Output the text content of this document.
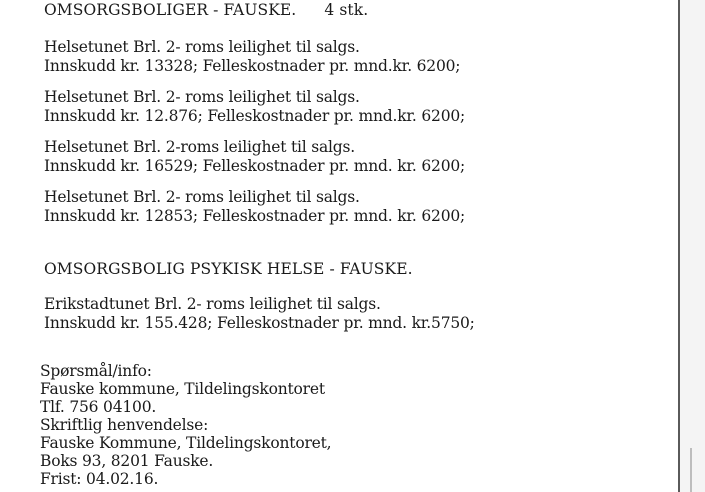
OMSORGSBOLIGER - FAUSKE. 4 stk.
Helsetunet Brl. 2- roms leilighet til salgs.
Innskudd kr. 13328; Felleskostnader pr. mnd.kr. 6200;
Helsetunet Brl. 2- roms leilighet til salgs.
Innskudd kr. 12.876; Felleskostnader pr. mnd.kr. 6200;
Helsetunet Brl. 2-roms leilighet til salgs.
Innskudd kr. 16529; Felleskostnader pr. mnd. kr. 6200;
Helsetunet Brl. 2- roms leilighet til salgs.
Innskudd kr. 12853; Felleskostnader pr. mnd. kr. 6200;
OMSORGSBOLIG PSYKISK HELSE - FAUSKE.
Erikstadtunet Brl. 2- roms leilighet til salgs.
Innskudd kr. 155.428; Felleskostnader pr. mnd. kr.5750;
Spørsmål/info:
Fauske kommune, Tildelingskontoret
Tlf. 756 04100.
Skriftlig henvendelse:
Fauske Kommune, Tildelingskontoret,
Boks 93, 8201 Fauske.
Frist: 04.02.16.
